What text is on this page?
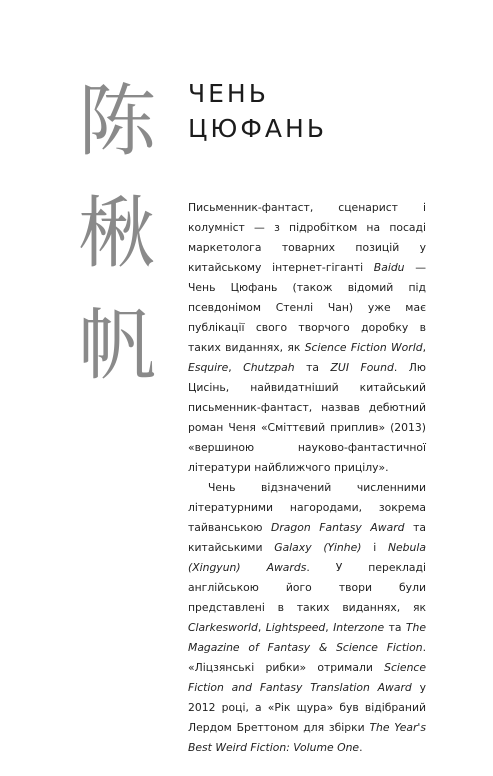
陈
楸
帆
ЧЕНЬ
ЦЮФАНЬ

Письменник-фантаст, сценарист і колумніст — з підробітком на посаді маркетолога товарних позицій у китайському інтернет-гіганті Baidu — Чень Цюфань (також відомий під псевдонімом Стенлі Чан) уже має публікації свого творчого доробку в таких виданнях, як Science Fiction World, Esquire, Chutzpah та ZUI Found. Лю Цисінь, найвидатніший китайський письменник-фантаст, назвав дебютний роман Ченя «Сміттєвий приплив» (2013) «вершиною науково-фантастичної літератури найближчого прицілу».

Чень відзначений численними літературними нагородами, зокрема тайванською Dragon Fantasy Award та китайськими Galaxy (Yinhe) і Nebula (Xingyun) Awards. У перекладі англійською його твори були представлені в таких виданнях, як Clarkesworld, Lightspeed, Interzone та The Magazine of Fantasy & Science Fiction. «Ліцзянські рибки» отримали Science Fiction and Fantasy Translation Award у 2012 році, а «Рік щура» був відібраний Лердом Бреттоном для збірки The Year's Best Weird Fiction: Volume One.
